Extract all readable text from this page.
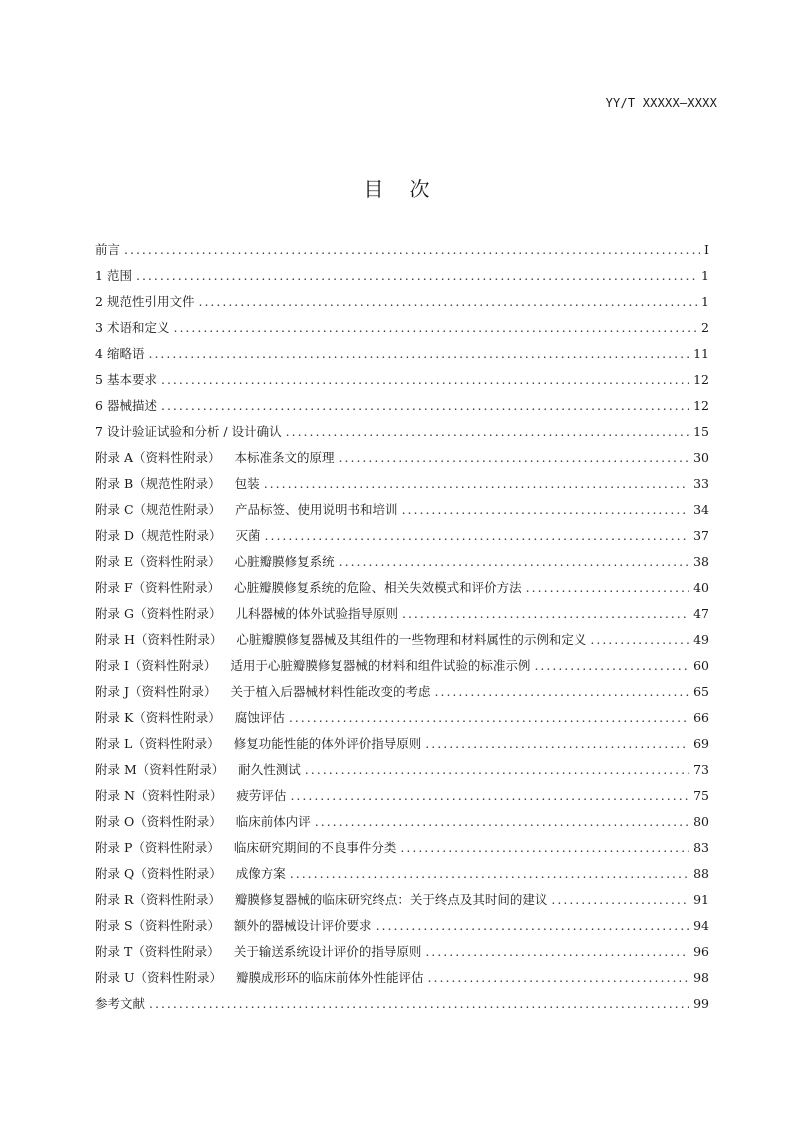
YY/T XXXXX—XXXX
目次
前言 .....	I
1 范围 .....	1
2 规范性引用文件 .....	1
3 术语和定义 .....	2
4 缩略语 .....	11
5 基本要求 .....	12
6 器械描述 .....	12
7 设计验证试验和分析 / 设计确认 .....	15
附录 A（资料性附录） 本标准条文的原理 .....	30
附录 B（规范性附录） 包装 .....	33
附录 C（规范性附录） 产品标签、使用说明书和培训 .....	34
附录 D（规范性附录） 灭菌 .....	37
附录 E（资料性附录） 心脏瓣膜修复系统 .....	38
附录 F（资料性附录） 心脏瓣膜修复系统的危险、相关失效模式和评价方法 .....	40
附录 G（资料性附录） 儿科器械的体外试验指导原则 .....	47
附录 H（资料性附录） 心脏瓣膜修复器械及其组件的一些物理和材料属性的示例和定义 .....	49
附录 I（资料性附录） 适用于心脏瓣膜修复器械的材料和组件试验的标准示例 .....	60
附录 J（资料性附录） 关于植入后器械材料性能改变的考虑 .....	65
附录 K（资料性附录） 腐蚀评估 .....	66
附录 L（资料性附录） 修复功能性能的体外评价指导原则 .....	69
附录 M（资料性附录） 耐久性测试 .....	73
附录 N（资料性附录） 疲劳评估 .....	75
附录 O（资料性附录） 临床前体内评 .....	80
附录 P（资料性附录） 临床研究期间的不良事件分类 .....	83
附录 Q（资料性附录） 成像方案 .....	88
附录 R（资料性附录） 瓣膜修复器械的临床研究终点：关于终点及其时间的建议 .....	91
附录 S（资料性附录） 额外的器械设计评价要求 .....	94
附录 T（资料性附录） 关于输送系统设计评价的指导原则 .....	96
附录 U（资料性附录） 瓣膜成形环的临床前体外性能评估 .....	98
参考文献 .....	99
